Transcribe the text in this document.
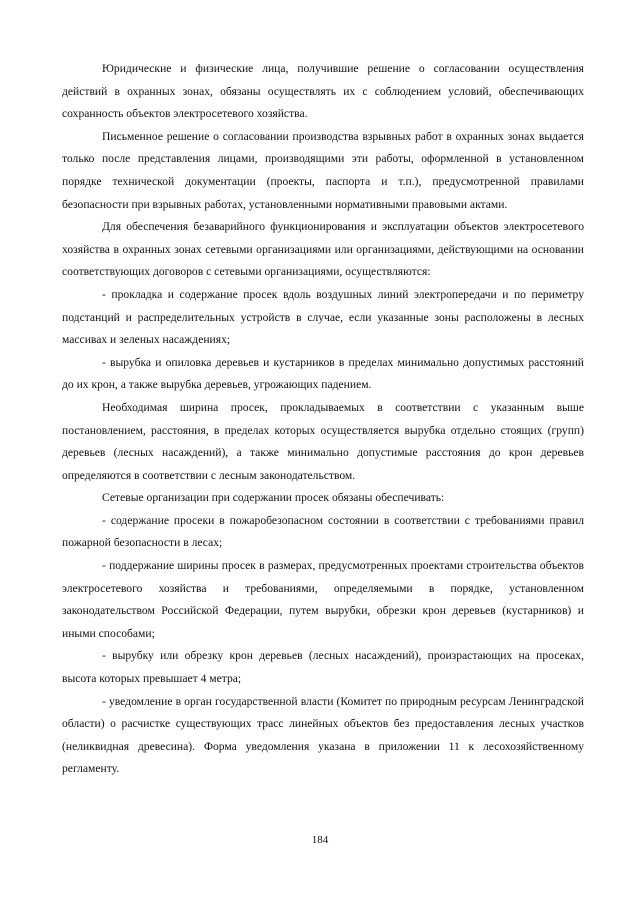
Юридические и физические лица, получившие решение о согласовании осуществления действий в охранных зонах, обязаны осуществлять их с соблюдением условий, обеспечивающих сохранность объектов электросетевого хозяйства.

Письменное решение о согласовании производства взрывных работ в охранных зонах выдается только после представления лицами, производящими эти работы, оформленной в установленном порядке технической документации (проекты, паспорта и т.п.), предусмотренной правилами безопасности при взрывных работах, установленными нормативными правовыми актами.

Для обеспечения безаварийного функционирования и эксплуатации объектов электросетевого хозяйства в охранных зонах сетевыми организациями или организациями, действующими на основании соответствующих договоров с сетевыми организациями, осуществляются:

- прокладка и содержание просек вдоль воздушных линий электропередачи и по периметру подстанций и распределительных устройств в случае, если указанные зоны расположены в лесных массивах и зеленых насаждениях;

- вырубка и опиловка деревьев и кустарников в пределах минимально допустимых расстояний до их крон, а также вырубка деревьев, угрожающих падением.

Необходимая ширина просек, прокладываемых в соответствии с указанным выше постановлением, расстояния, в пределах которых осуществляется вырубка отдельно стоящих (групп) деревьев (лесных насаждений), а также минимально допустимые расстояния до крон деревьев определяются в соответствии с лесным законодательством.

Сетевые организации при содержании просек обязаны обеспечивать:

- содержание просеки в пожаробезопасном состоянии в соответствии с требованиями правил пожарной безопасности в лесах;

- поддержание ширины просек в размерах, предусмотренных проектами строительства объектов электросетевого хозяйства и требованиями, определяемыми в порядке, установленном законодательством Российской Федерации, путем вырубки, обрезки крон деревьев (кустарников) и иными способами;

- вырубку или обрезку крон деревьев (лесных насаждений), произрастающих на просеках, высота которых превышает 4 метра;

- уведомление в орган государственной власти (Комитет по природным ресурсам Ленинградской области) о расчистке существующих трасс линейных объектов без предоставления лесных участков (неликвидная древесина). Форма уведомления указана в приложении 11 к лесохозяйственному регламенту.

184
